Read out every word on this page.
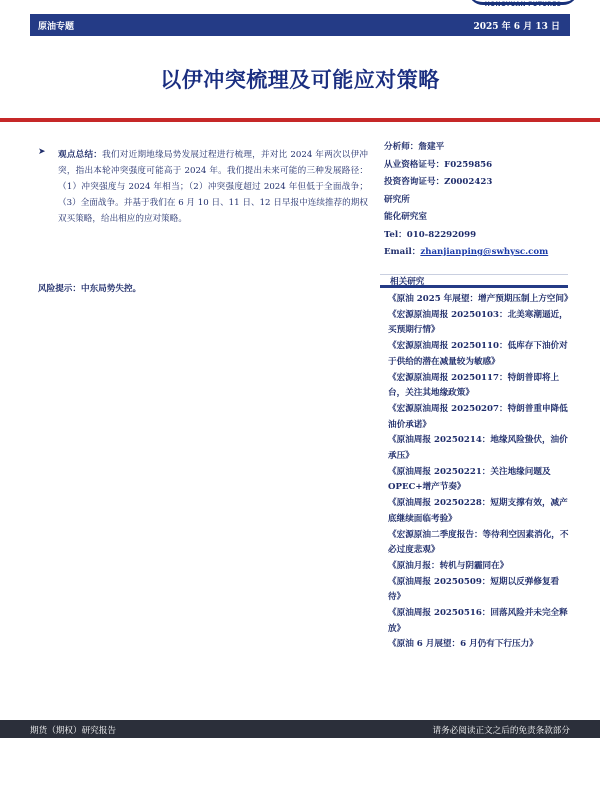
HONGYUAN FUTURES
原油专题	2025 年 6 月 13 日
以伊冲突梳理及可能应对策略
➤ 观点总结：我们对近期地缘局势发展过程进行梳理，并对比 2024 年两次以伊冲突，指出本轮冲突强度可能高于 2024 年。我们提出未来可能的三种发展路径：（1）冲突强度与 2024 年相当；（2）冲突强度超过 2024 年但低于全面战争；（3）全面战争。并基于我们在 6 月 10 日、11 日、12 日早报中连续推荐的期权双买策略，给出相应的应对策略。
风险提示：中东局势失控。
分析师：詹建平
从业资格证号：F0259856
投资咨询证号：Z0002423
研究所
能化研究室
Tel：010-82292099
Email：zhanjianping@swhysc.com
相关研究
《原油 2025 年展望：增产预期压制上方空间》
《宏源原油周报 20250103：北美寒潮逼近，买预期行情》
《宏源原油周报 20250110：低库存下油价对于供给的潜在减量较为敏感》
《宏源原油周报 20250117：特朗普即将上台，关注其地缘政策》
《宏源原油周报 20250207：特朗普重申降低油价承诺》
《原油周报 20250214：地缘风险蛰伏，油价承压》
《原油周报 20250221：关注地缘问题及 OPEC+增产节奏》
《原油周报 20250228：短期支撑有效，减产底继续面临考验》
《宏源原油二季度报告：等待利空因素消化，不必过度悲观》
《原油月报：转机与阴霾同在》
《原油周报 20250509：短期以反弹修复看待》
《原油周报 20250516：回落风险并未完全释放》
《原油 6 月展望：6 月仍有下行压力》
期货（期权）研究报告	请务必阅读正文之后的免责条款部分
